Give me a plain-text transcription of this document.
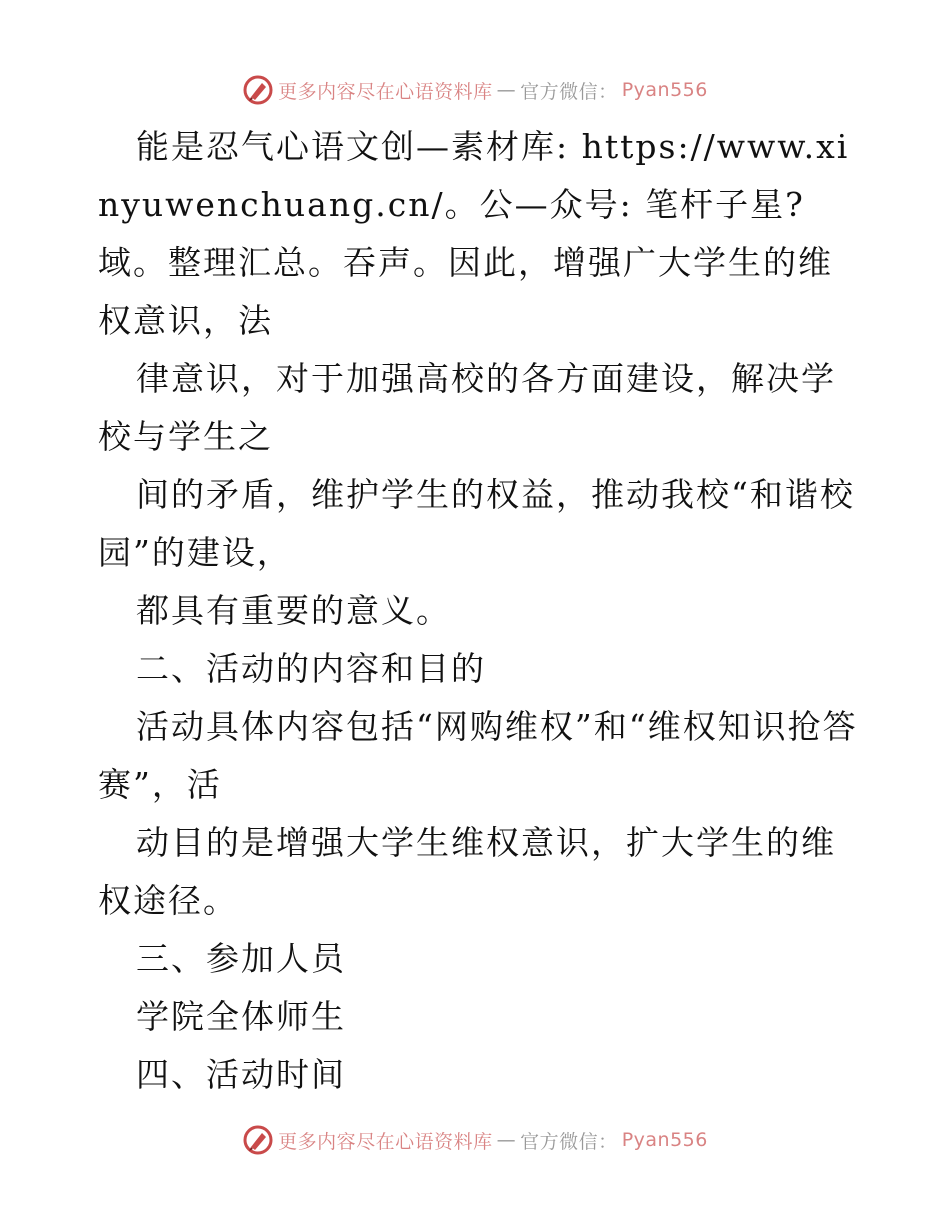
更多内容尽在心语资料库 — 官方微信： Pyan556

能是忍气心语文创—素材库: https://www.xinyuwenchuang.cn/。公—众号: 笔杆子星?域。整理汇总。吞声。因此，增强广大学生的维权意识，法

律意识，对于加强高校的各方面建设，解决学校与学生之

间的矛盾，维护学生的权益，推动我校“和谐校园”的建设，

都具有重要的意义。

二、活动的内容和目的

活动具体内容包括“网购维权”和“维权知识抢答赛”，活

动目的是增强大学生维权意识，扩大学生的维权途径。

三、参加人员

学院全体师生

四、活动时间

更多内容尽在心语资料库 — 官方微信： Pyan556
